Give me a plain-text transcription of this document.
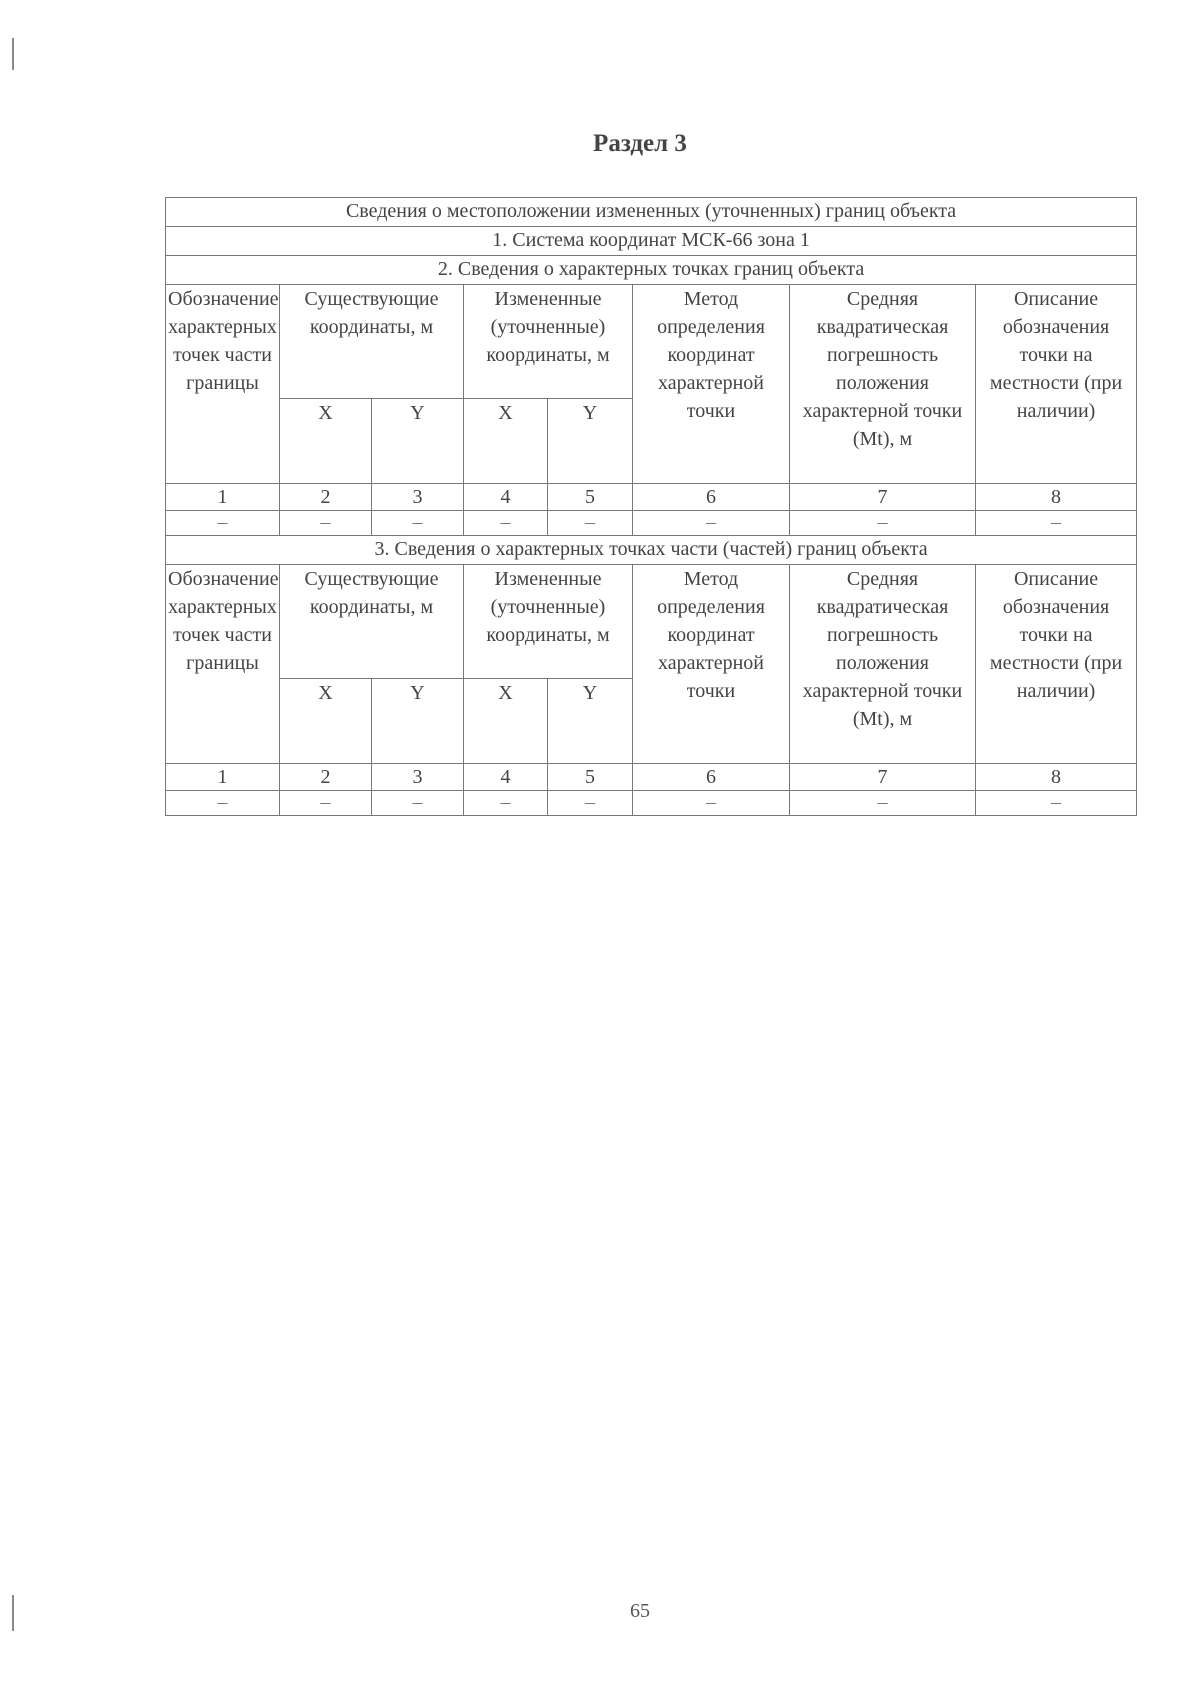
Раздел 3
Сведения о местоположении измененных (уточненных) границ объекта							
1. Система координат МСК-66 зона 1							
2. Сведения о характерных точках границ объекта							
Обозначение характерных точек части границы	Существующие координаты, м		Измененные (уточненные) координаты, м		Метод определения координат характерной точки	Средняя квадратическая погрешность положения характерной точки (Mt), м	Описание обозначения точки на местности (при наличии)
	X	Y	X	Y			
1	2	3	4	5	6	7	8
–	–	–	–	–	–	–	–
3. Сведения о характерных точках части (частей) границ объекта							
Обозначение характерных точек части границы	Существующие координаты, м		Измененные (уточненные) координаты, м		Метод определения координат характерной точки	Средняя квадратическая погрешность положения характерной точки (Mt), м	Описание обозначения точки на местности (при наличии)
	X	Y	X	Y			
1	2	3	4	5	6	7	8
–	–	–	–	–	–	–	–
65
